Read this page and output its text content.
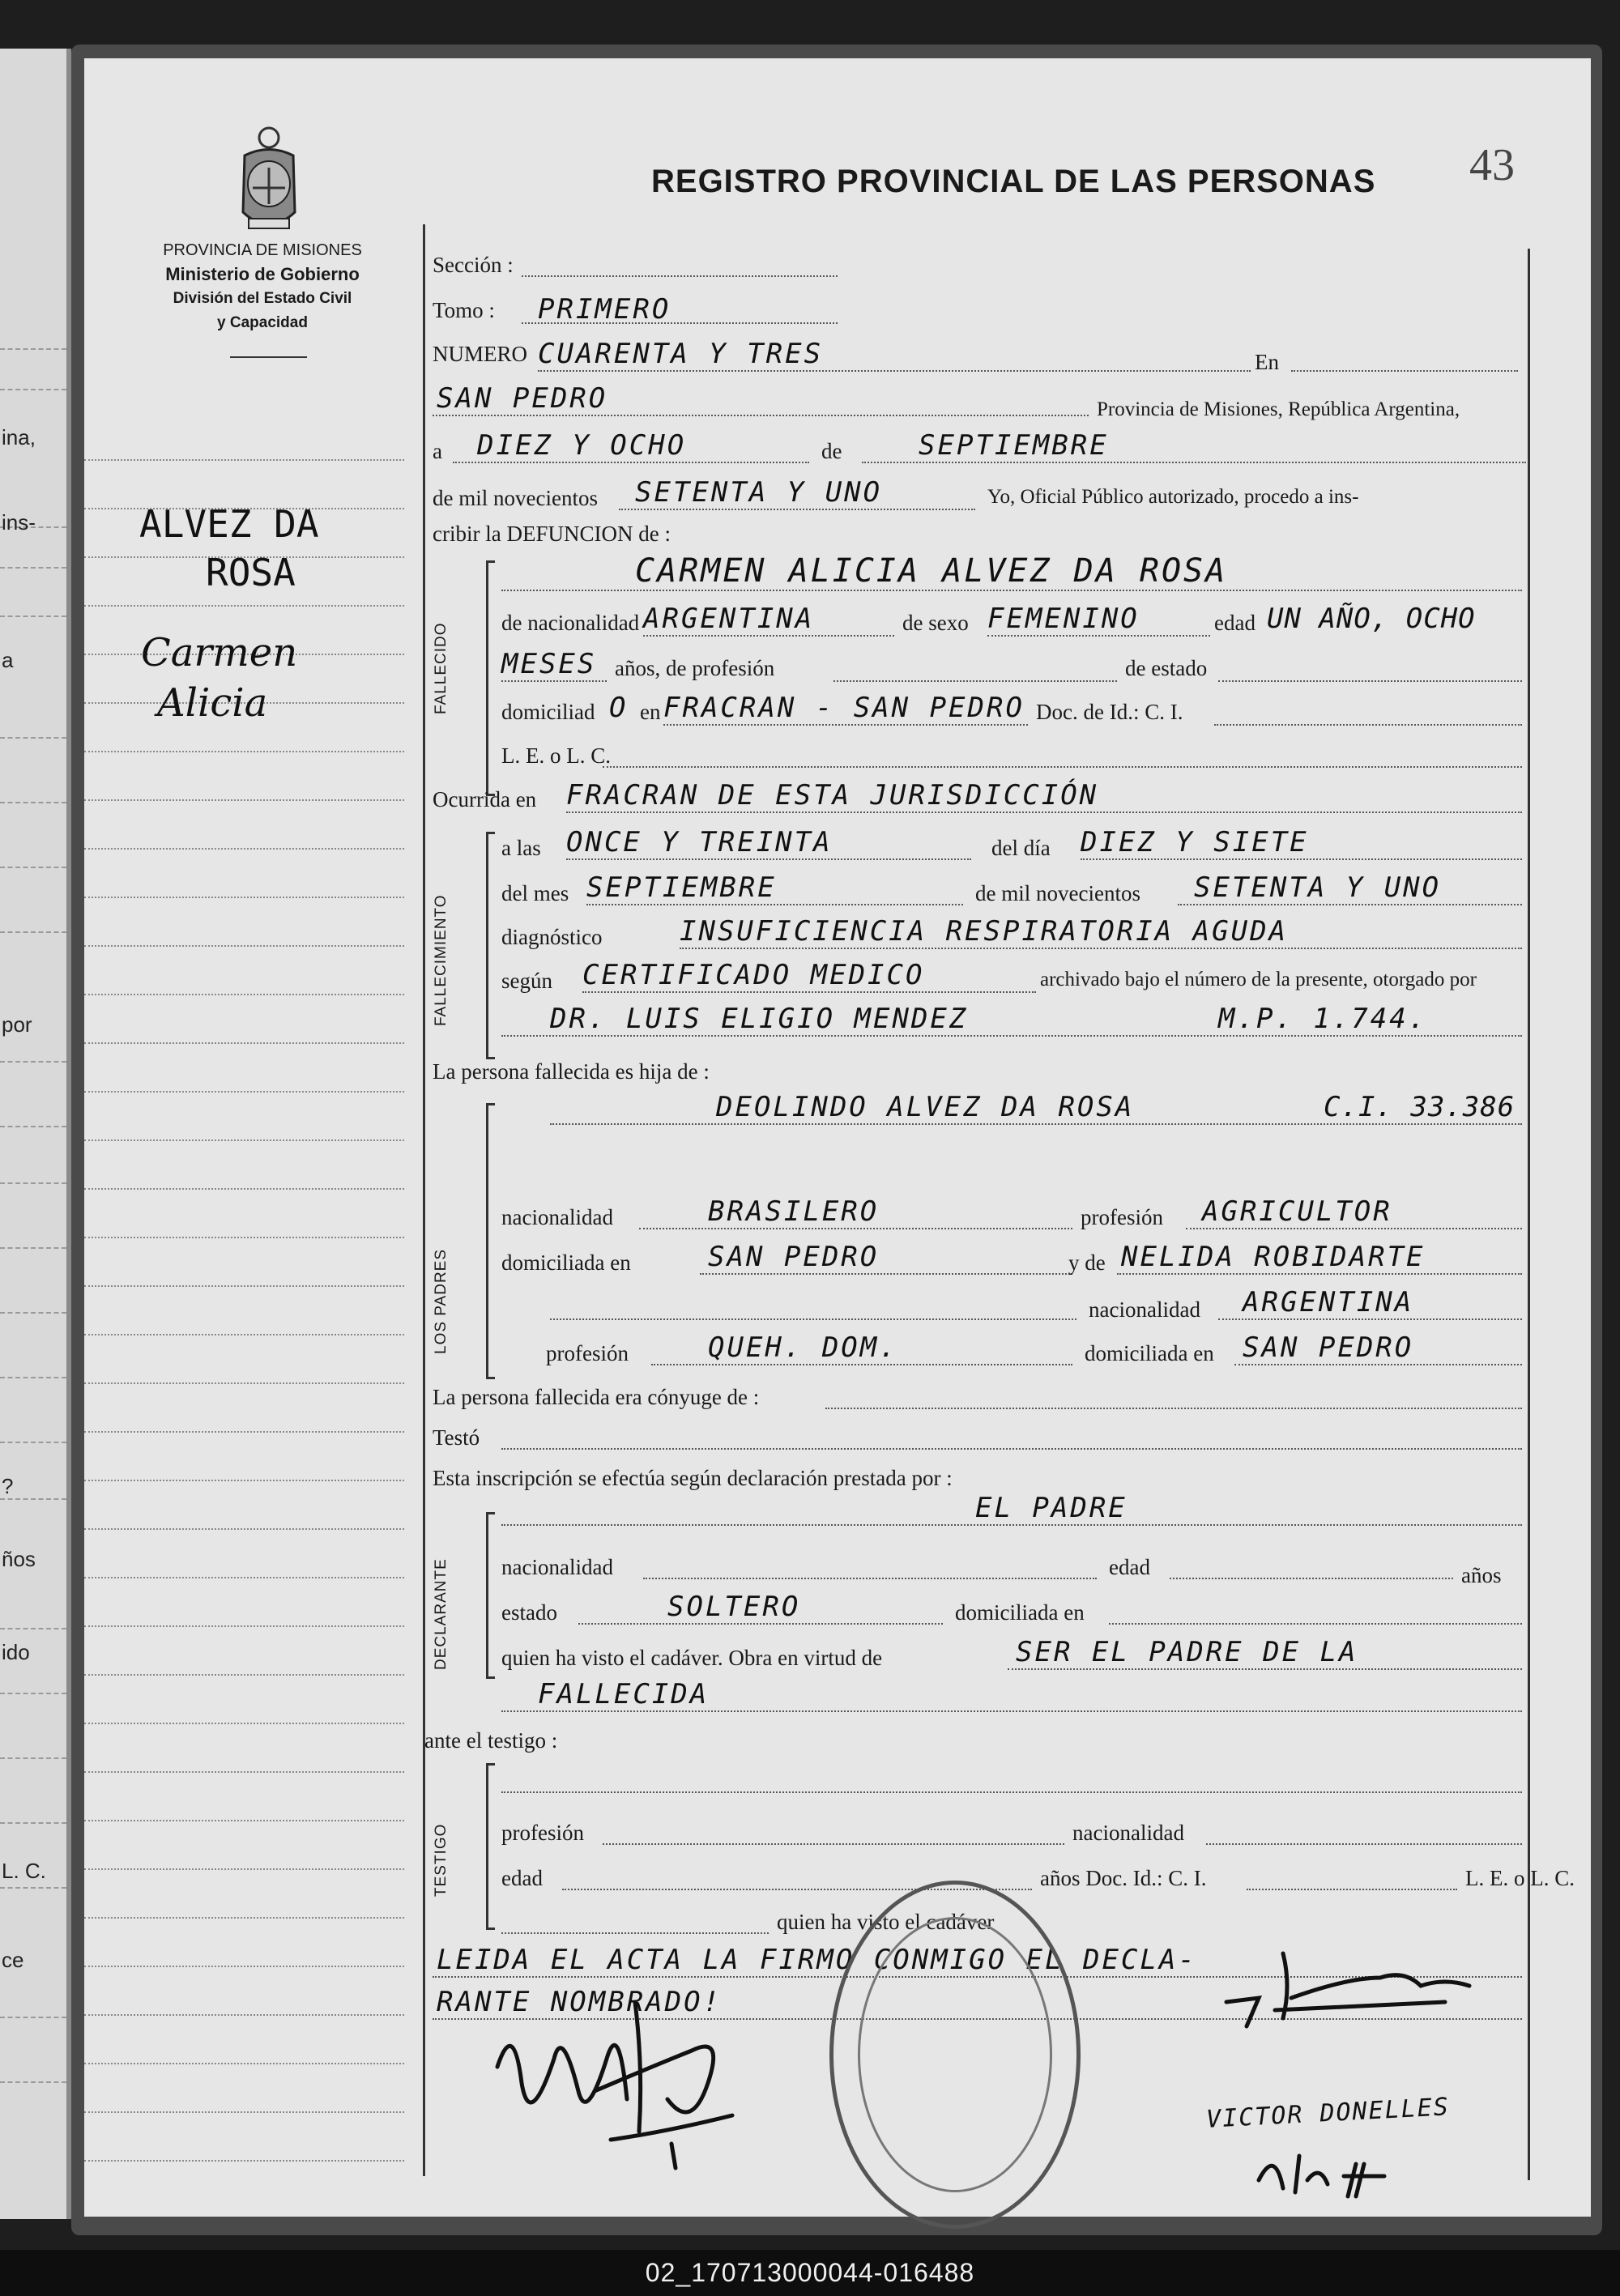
ina,
ins-
a
por
?
ños
ido
L. C.
ce
PROVINCIA DE MISIONES
Ministerio de Gobierno
División del Estado Civil
y Capacidad
REGISTRO PROVINCIAL DE LAS PERSONAS 43
ALVEZ DA
ROSA
Carmen
Alicia
Sección :
Tomo : PRIMERO
NUMERO CUARENTA Y TRES	En
SAN PEDRO	Provincia de Misiones, República Argentina,
a DIEZ Y OCHO	de	SEPTIEMBRE
de mil novecientos SETENTA Y UNO	Yo, Oficial Público autorizado, procedo a ins-
cribir la DEFUNCION de :
FALLECIDO
CARMEN ALICIA ALVEZ DA ROSA
de nacionalidad ARGENTINA	de sexo FEMENINO	edad UN AÑO, OCHO
MESES años, de profesión	de estado
domiciliad O en FRACRAN - SAN PEDRO Doc. de Id.: C. I.
L. E. o L. C.
Ocurrida en FRACRAN DE ESTA JURISDICCIÓN
FALLECIMIENTO
a las ONCE Y TREINTA	del día DIEZ Y SIETE
del mes SEPTIEMBRE	de mil novecientos SETENTA Y UNO
diagnóstico	INSUFICIENCIA RESPIRATORIA AGUDA
según CERTIFICADO MEDICO	archivado bajo el número de la presente, otorgado por
DR. LUIS ELIGIO MENDEZ	M.P. 1.744.
La persona fallecida es hija de :
LOS PADRES
DEOLINDO ALVEZ DA ROSA	C.I. 33.386
nacionalidad	BRASILERO	profesión AGRICULTOR
domiciliada en	SAN PEDRO	y de NELIDA ROBIDARTE
nacionalidad ARGENTINA
profesión	QUEH. DOM.	domiciliada en SAN PEDRO
La persona fallecida era cónyuge de :
Testó
Esta inscripción se efectúa según declaración prestada por :
DECLARANTE
EL PADRE
nacionalidad	edad	años
estado	SOLTERO	domiciliada en
quien ha visto el cadáver. Obra en virtud de	SER EL PADRE DE LA
FALLECIDA
ante el testigo :
TESTIGO profesión	nacionalidad
edad	años Doc. Id.: C. I.	L. E. o L. C.
quien ha visto el cadáver
LEIDA EL ACTA LA FIRMO CONMIGO EL DECLA-
RANTE NOMBRADO!
VICTOR DONELLES
02_170713000044-016488
